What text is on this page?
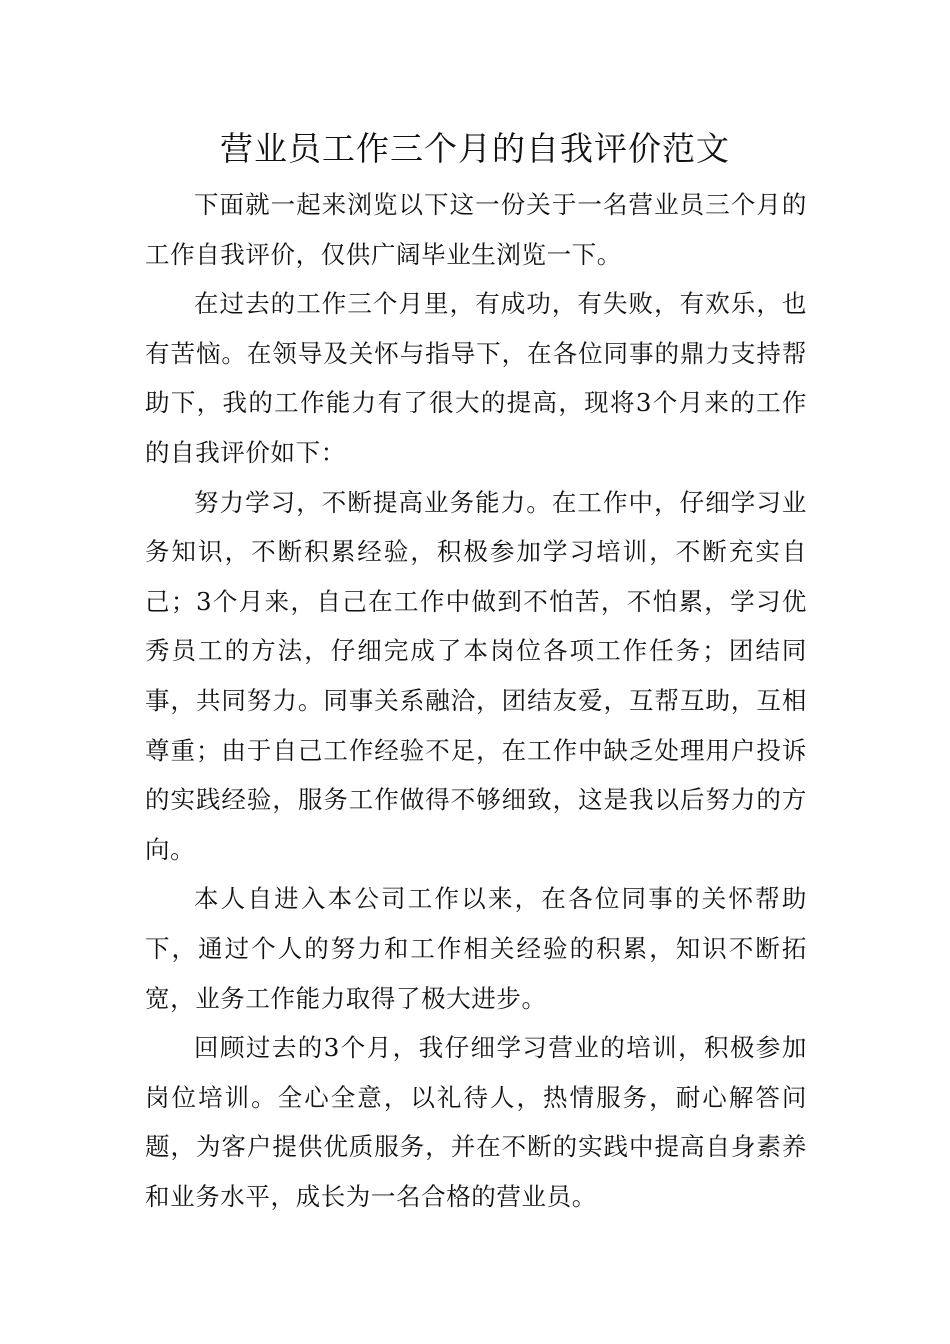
营业员工作三个月的自我评价范文

下面就一起来浏览以下这一份关于一名营业员三个月的工作自我评价，仅供广阔毕业生浏览一下。

在过去的工作三个月里，有成功，有失败，有欢乐，也有苦恼。在领导及关怀与指导下，在各位同事的鼎力支持帮助下，我的工作能力有了很大的提高，现将3个月来的工作的自我评价如下：

努力学习，不断提高业务能力。在工作中，仔细学习业务知识，不断积累经验，积极参加学习培训，不断充实自己；3个月来，自己在工作中做到不怕苦，不怕累，学习优秀员工的方法，仔细完成了本岗位各项工作任务；团结同事，共同努力。同事关系融洽，团结友爱，互帮互助，互相尊重；由于自己工作经验不足，在工作中缺乏处理用户投诉的实践经验，服务工作做得不够细致，这是我以后努力的方向。

本人自进入本公司工作以来，在各位同事的关怀帮助下，通过个人的努力和工作相关经验的积累，知识不断拓宽，业务工作能力取得了极大进步。

回顾过去的3个月，我仔细学习营业的培训，积极参加岗位培训。全心全意，以礼待人，热情服务，耐心解答问题，为客户提供优质服务，并在不断的实践中提高自身素养和业务水平，成长为一名合格的营业员。
